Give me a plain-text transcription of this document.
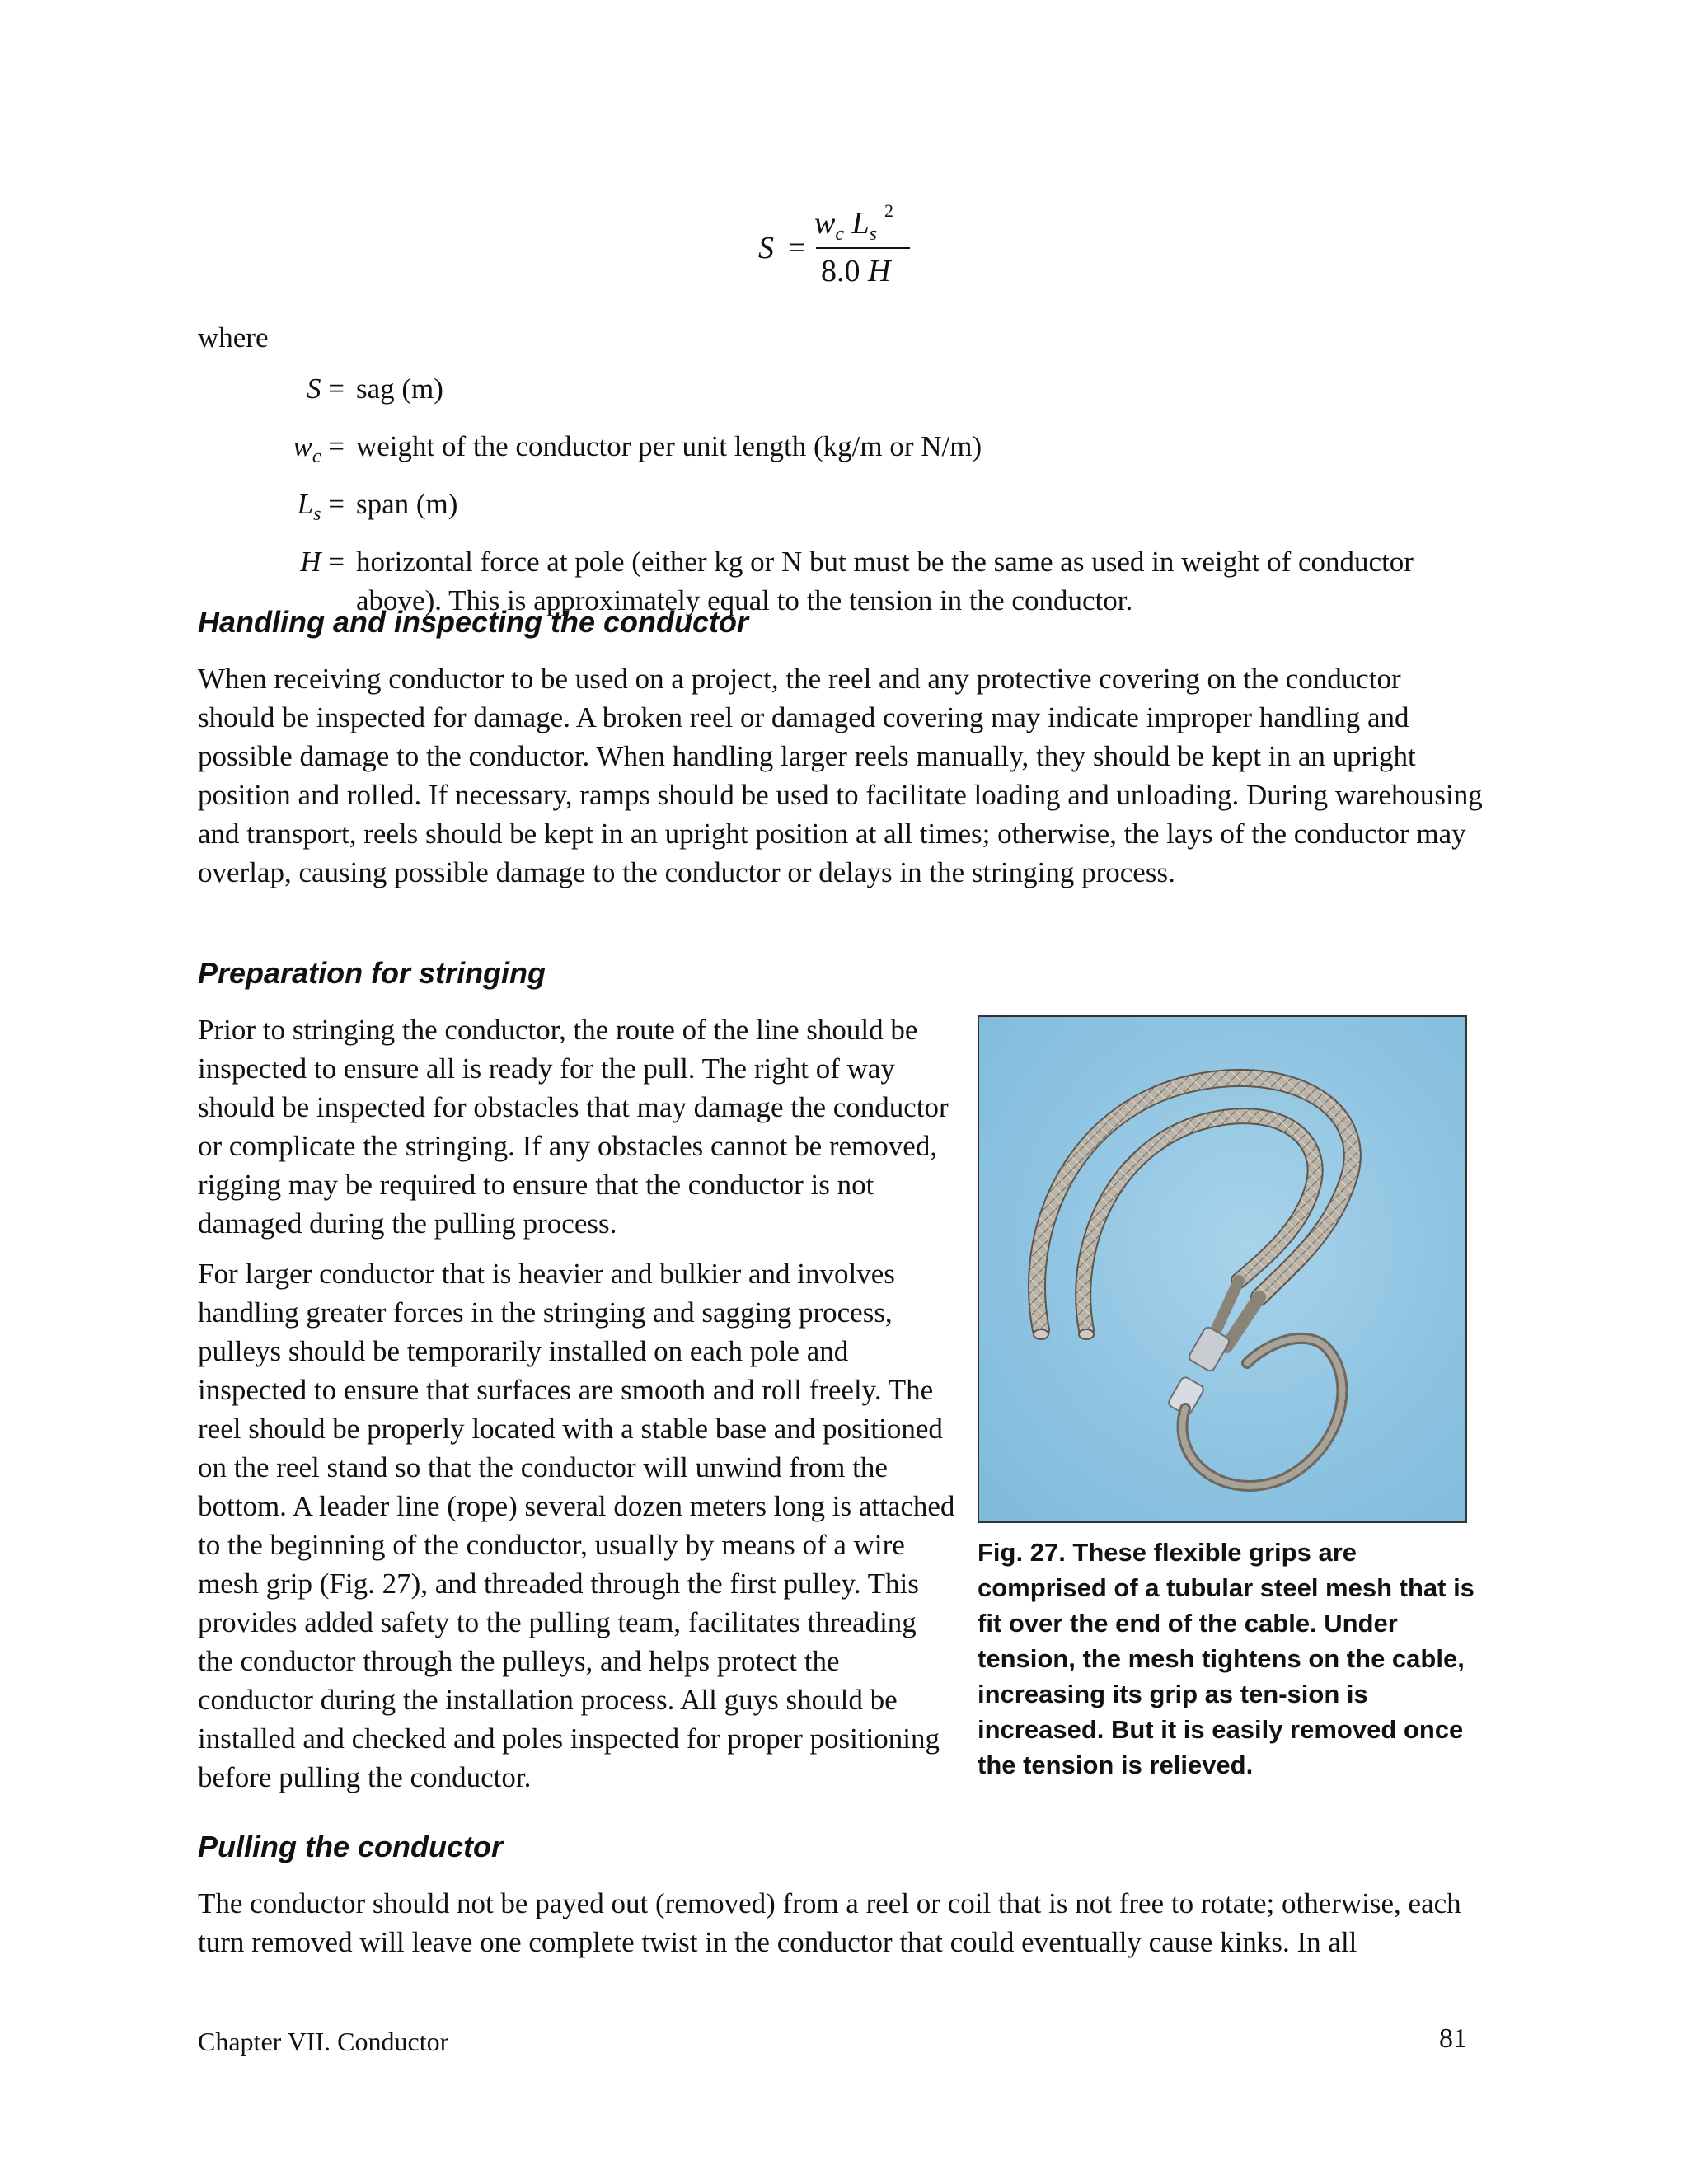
S =
$w_c$ $L_s$
2
8.0 H
where
S = sag (m)
$w_c$ = weight of the conductor per unit length (kg/m or N/m)
$L_s$ = span (m)
H = horizontal force at pole (either kg or N but must be the same as used in weight of conductor above). This is approximately equal to the tension in the conductor.
Handling and inspecting the conductor

When receiving conductor to be used on a project, the reel and any protective covering on the conductor should be inspected for damage. A broken reel or damaged covering may indicate improper handling and possible damage to the conductor. When handling larger reels manually, they should be kept in an upright position and rolled. If necessary, ramps should be used to facilitate loading and unloading. During warehousing and transport, reels should be kept in an upright position at all times; otherwise, the lays of the conductor may overlap, causing possible damage to the conductor or delays in the stringing process.

Preparation for stringing

Prior to stringing the conductor, the route of the line should be inspected to ensure all is ready for the pull. The right of way should be inspected for obstacles that may damage the conductor or complicate the stringing. If any obstacles cannot be removed, rigging may be required to ensure that the conductor is not damaged during the pulling process.

For larger conductor that is heavier and bulkier and involves handling greater forces in the stringing and sagging process, pulleys should be temporarily installed on each pole and inspected to ensure that surfaces are smooth and roll freely. The reel should be properly located with a stable base and positioned on the reel stand so that the conductor will unwind from the bottom. A leader line (rope) several dozen meters long is attached to the beginning of the conductor, usually by means of a wire mesh grip (Fig. 27), and threaded through the first pulley. This provides added safety to the pulling team, facilitates threading the conductor through the pulleys, and helps protect the conductor during the installation process. All guys should be installed and checked and poles inspected for proper positioning before pulling the conductor.

Fig. 27. These flexible grips are comprised of a tubular steel mesh that is fit over the end of the cable. Under tension, the mesh tightens on the cable, increasing its grip as ten-sion is increased. But it is easily removed once the tension is relieved.
Pulling the conductor

The conductor should not be payed out (removed) from a reel or coil that is not free to rotate; otherwise, each turn removed will leave one complete twist in the conductor that could eventually cause kinks. In all

Chapter VII. Conductor	81
